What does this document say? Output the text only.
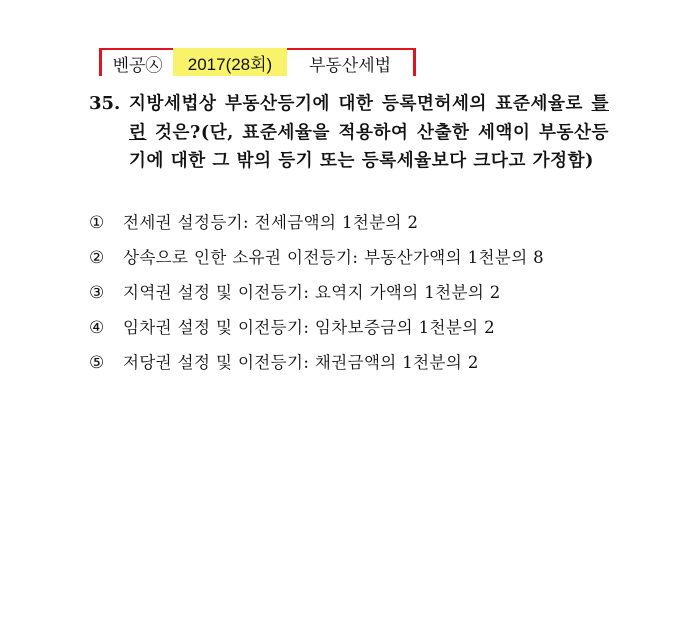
벤공㉦ 2017(28회) 부동산세법
35. 지방세법상 부동산등기에 대한 등록면허세의 표준세율로 틀린 것은?(단, 표준세율을 적용하여 산출한 세액이 부동산등기에 대한 그 밖의 등기 또는 등록세율보다 크다고 가정함)
①	전세권 설정등기: 전세금액의 1천분의 2
②	상속으로 인한 소유권 이전등기: 부동산가액의 1천분의 8
③	지역권 설정 및 이전등기: 요역지 가액의 1천분의 2
④	임차권 설정 및 이전등기: 임차보증금의 1천분의 2
⑤	저당권 설정 및 이전등기: 채권금액의 1천분의 2
